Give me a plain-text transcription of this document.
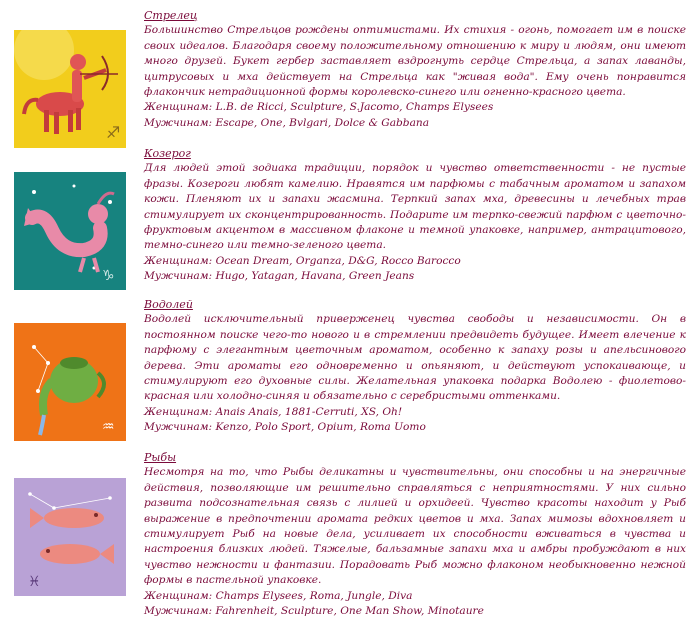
♐
Стрелец
Большинство Стрельцов рождены оптимистами. Их стихия - огонь, помогает им в поиске своих идеалов. Благодаря своему положительному отношению к миру и людям, они имеют много друзей. Букет гербер заставляет вздрогнуть сердце Стрельца, а запах лаванды, цитрусовых и мха действует на Стрельца как "живая вода". Ему очень понравится флакончик нетрадиционной формы королевско-синего или огненно-красного цвета.
Женщинам: L.B. de Ricci, Sculpture, S.Jacomo, Champs Elysees
Мужчинам: Escape, One, Bvlgari, Dolce & Gabbana
♑
Козерог
Для людей этой зодиака традиции, порядок и чувство ответственности - не пустые фразы. Козероги любят камелию. Нравятся им парфюмы с табачным ароматом и запахом кожи. Пленяют их и запахи жасмина. Терпкий запах мха, древесины и лечебных трав стимулирует их сконцентрированность. Подарите им терпко-свежий парфюм с цветочно-фруктовым акцентом в массивном флаконе и темной упаковке, например, антрацитового, темно-синего или темно-зеленого цвета.
Женщинам: Ocean Dream, Organza, D&G, Rocco Barocco
Мужчинам: Hugo, Yatagan, Havana, Green Jeans
♒
Водолей
Водолей исключительный приверженец чувства свободы и независимости. Он в постоянном поиске чего-то нового и в стремлении предвидеть будущее. Имеет влечение к парфюму с элегантным цветочным ароматом, особенно к запаху розы и апельсинового дерева. Эти ароматы его одновременно и опьяняют, и действуют успокаивающе, и стимулируют его духовные силы. Желательная упаковка подарка Водолею - фиолетово-красная или холодно-синяя и обязательно с серебристыми оттенками.
Женщинам: Anais Anais, 1881-Cerruti, XS, Oh!
Мужчинам: Kenzo, Polo Sport, Opium, Roma Uomo
♓
Рыбы
Несмотря на то, что Рыбы деликатны и чувствительны, они способны и на энергичные действия, позволяющие им решительно справляться с неприятностями. У них сильно развита подсознательная связь с лилией и орхидеей. Чувство красоты находит у Рыб выражение в предпочтении аромата редких цветов и мха. Запах мимозы вдохновляет и стимулирует Рыб на новые дела, усиливает их способности вживаться в чувства и настроения близких людей. Тяжелые, бальзамные запахи мха и амбры пробуждают в них чувство нежности и фантазии. Порадовать Рыб можно флаконом необыкновенно нежной формы в пастельной упаковке.
Женщинам: Champs Elysees, Roma, Jungle, Diva
Мужчинам: Fahrenheit, Sculpture, One Man Show, Minotaure
